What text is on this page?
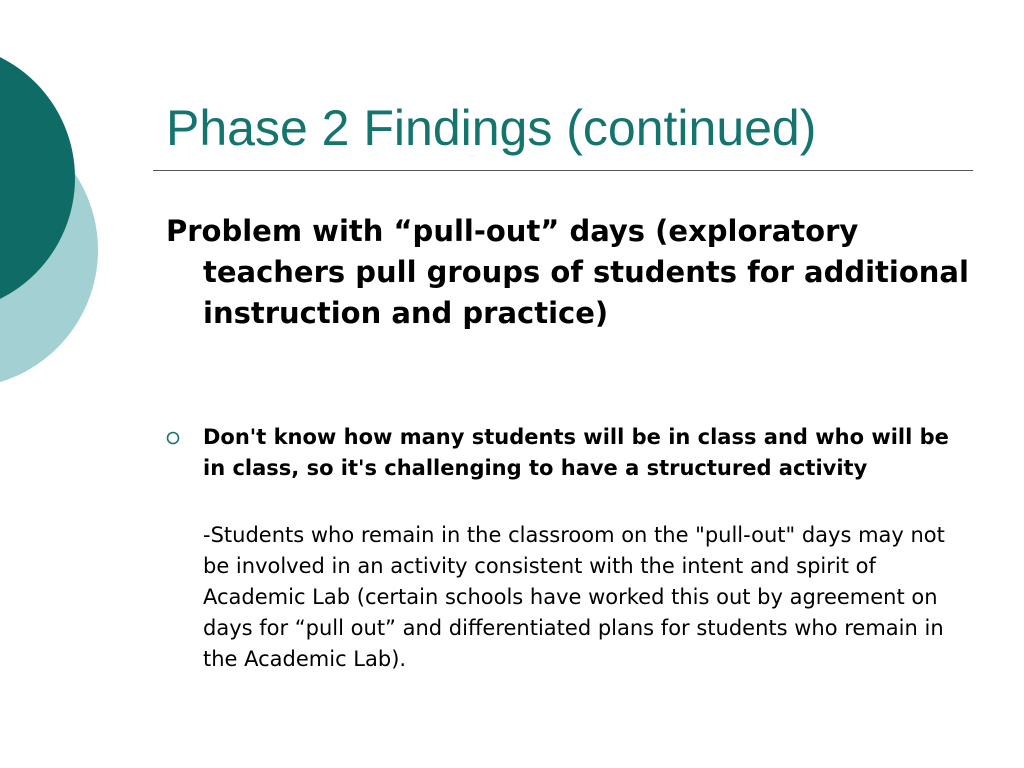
Phase 2 Findings (continued)

Problem with “pull-out” days (exploratory teachers pull groups of students for additional instruction and practice)

Don't know how many students will be in class and who will be in class, so it's challenging to have a structured activity

-Students who remain in the classroom on the "pull-out" days may not be involved in an activity consistent with the intent and spirit of Academic Lab (certain schools have worked this out by agreement on days for “pull out” and differentiated plans for students who remain in the Academic Lab).
